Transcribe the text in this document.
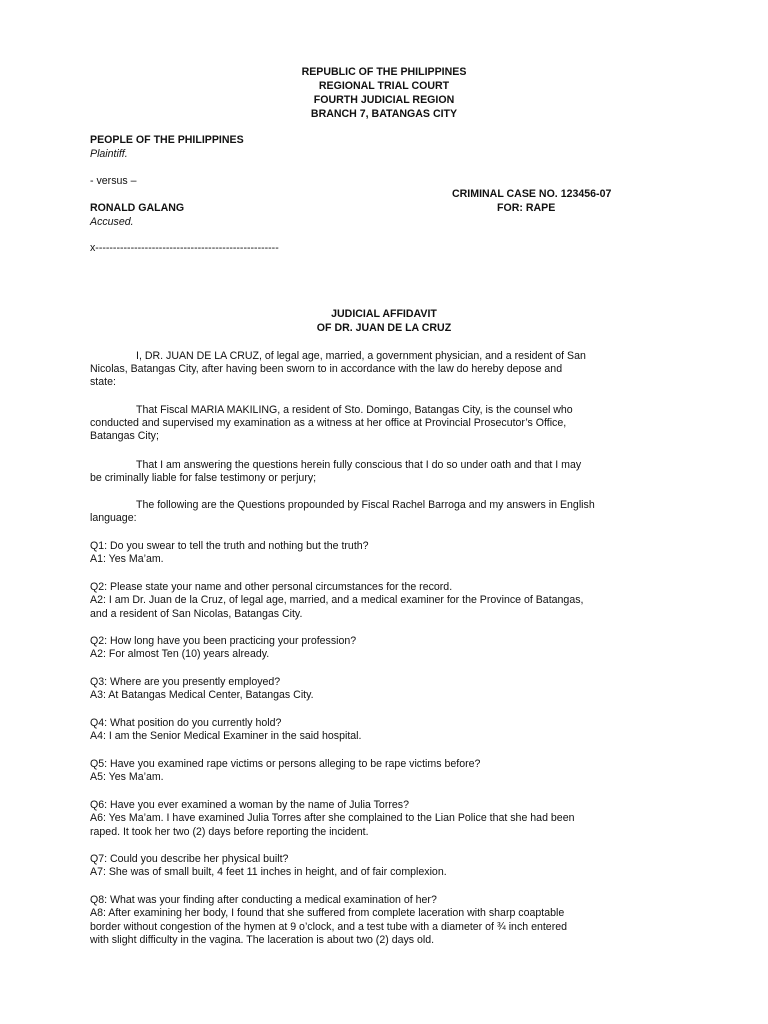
REPUBLIC OF THE PHILIPPINES
REGIONAL TRIAL COURT
FOURTH JUDICIAL REGION
BRANCH 7, BATANGAS CITY
PEOPLE OF THE PHILIPPINES
Plaintiff.
- versus –
CRIMINAL CASE NO. 123456-07
RONALD GALANG	FOR: RAPE
Accused.
x----------------------------------------------------
JUDICIAL AFFIDAVIT
OF DR. JUAN DE LA CRUZ
I, DR. JUAN DE LA CRUZ, of legal age, married, a government physician, and a resident of San
Nicolas, Batangas City, after having been sworn to in accordance with the law do hereby depose and
state:
That Fiscal MARIA MAKILING, a resident of Sto. Domingo, Batangas City, is the counsel who
conducted and supervised my examination as a witness at her office at Provincial Prosecutor’s Office,
Batangas City;
That I am answering the questions herein fully conscious that I do so under oath and that I may
be criminally liable for false testimony or perjury;
The following are the Questions propounded by Fiscal Rachel Barroga and my answers in English
language:
Q1: Do you swear to tell the truth and nothing but the truth?
A1: Yes Ma’am.
Q2: Please state your name and other personal circumstances for the record.
A2: I am Dr. Juan de la Cruz, of legal age, married, and a medical examiner for the Province of Batangas,
and a resident of San Nicolas, Batangas City.
Q2: How long have you been practicing your profession?
A2: For almost Ten (10) years already.
Q3: Where are you presently employed?
A3: At Batangas Medical Center, Batangas City.
Q4: What position do you currently hold?
A4: I am the Senior Medical Examiner in the said hospital.
Q5: Have you examined rape victims or persons alleging to be rape victims before?
A5: Yes Ma’am.
Q6: Have you ever examined a woman by the name of Julia Torres?
A6: Yes Ma’am. I have examined Julia Torres after she complained to the Lian Police that she had been
raped. It took her two (2) days before reporting the incident.
Q7: Could you describe her physical built?
A7: She was of small built, 4 feet 11 inches in height, and of fair complexion.
Q8: What was your finding after conducting a medical examination of her?
A8: After examining her body, I found that she suffered from complete laceration with sharp coaptable
border without congestion of the hymen at 9 o’clock, and a test tube with a diameter of ¾ inch entered
with slight difficulty in the vagina. The laceration is about two (2) days old.
